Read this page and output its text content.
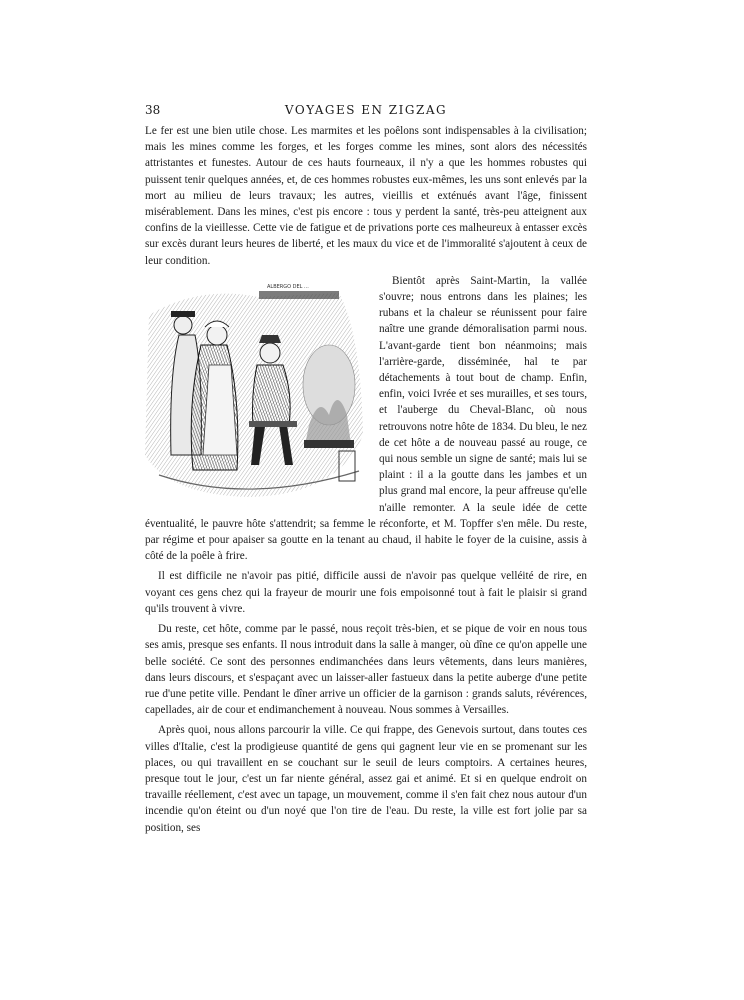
38	VOYAGES EN ZIGZAG

Le fer est une bien utile chose. Les marmites et les poêlons sont indispensables à la civilisation; mais les mines comme les forges, et les forges comme les mines, sont alors des nécessités attristantes et funestes. Autour de ces hauts fourneaux, il n'y a que les hommes robustes qui puissent tenir quelques années, et, de ces hommes robustes eux-mêmes, les uns sont enlevés par la mort au milieu de leurs travaux; les autres, vieillis et exténués avant l'âge, finissent misérablement. Dans les mines, c'est pis encore : tous y perdent la santé, très-peu atteignent aux confins de la vieillesse. Cette vie de fatigue et de privations porte ces malheureux à entasser excès sur excès durant leurs heures de liberté, et les maux du vice et de l'immoralité s'ajoutent à ceux de leur condition.

ALBERGO DEL ...	Bientôt après Saint-Martin, la vallée s'ouvre; nous entrons dans les plaines; les rubans et la chaleur se réunissent pour faire naître une grande démoralisation parmi nous. L'avant-garde tient bon néanmoins; mais l'arrière-garde, disséminée, hal te par détachements à tout bout de champ. Enfin, enfin, voici Ivrée et ses murailles, et ses tours, et l'auberge du Cheval-Blanc, où nous retrouvons notre hôte de 1834. Du bleu, le nez de cet hôte a de nouveau passé au rouge, ce qui nous semble un signe de santé; mais lui se plaint : il a la goutte dans les jambes et un plus grand mal encore, la peur affreuse qu'elle n'aille remonter. A la seule idée de cette éventualité, le pauvre hôte s'attendrit; sa femme le réconforte, et M. Topffer s'en mêle. Du reste, par régime et pour apaiser sa goutte en la tenant au chaud, il habite le foyer de la cuisine, assis à côté de la poêle à frire.

Il est difficile ne n'avoir pas pitié, difficile aussi de n'avoir pas quelque velléité de rire, en voyant ces gens chez qui la frayeur de mourir une fois empoisonné tout à fait le plaisir si grand qu'ils trouvent à vivre.

Du reste, cet hôte, comme par le passé, nous reçoit très-bien, et se pique de voir en nous tous ses amis, presque ses enfants. Il nous introduit dans la salle à manger, où dîne ce qu'on appelle une belle société. Ce sont des personnes endimanchées dans leurs vêtements, dans leurs manières, dans leurs discours, et s'espaçant avec un laisser-aller fastueux dans la petite auberge d'une petite rue d'une petite ville. Pendant le dîner arrive un officier de la garnison : grands saluts, révérences, capellades, air de cour et endimanchement à nouveau. Nous sommes à Versailles.

Après quoi, nous allons parcourir la ville. Ce qui frappe, des Genevois surtout, dans toutes ces villes d'Italie, c'est la prodigieuse quantité de gens qui gagnent leur vie en se promenant sur les places, ou qui travaillent en se couchant sur le seuil de leurs comptoirs. A certaines heures, presque tout le jour, c'est un far niente général, assez gai et animé. Et si en quelque endroit on travaille réellement, c'est avec un tapage, un mouvement, comme il s'en fait chez nous autour d'un incendie qu'on éteint ou d'un noyé que l'on tire de l'eau. Du reste, la ville est fort jolie par sa position, ses
